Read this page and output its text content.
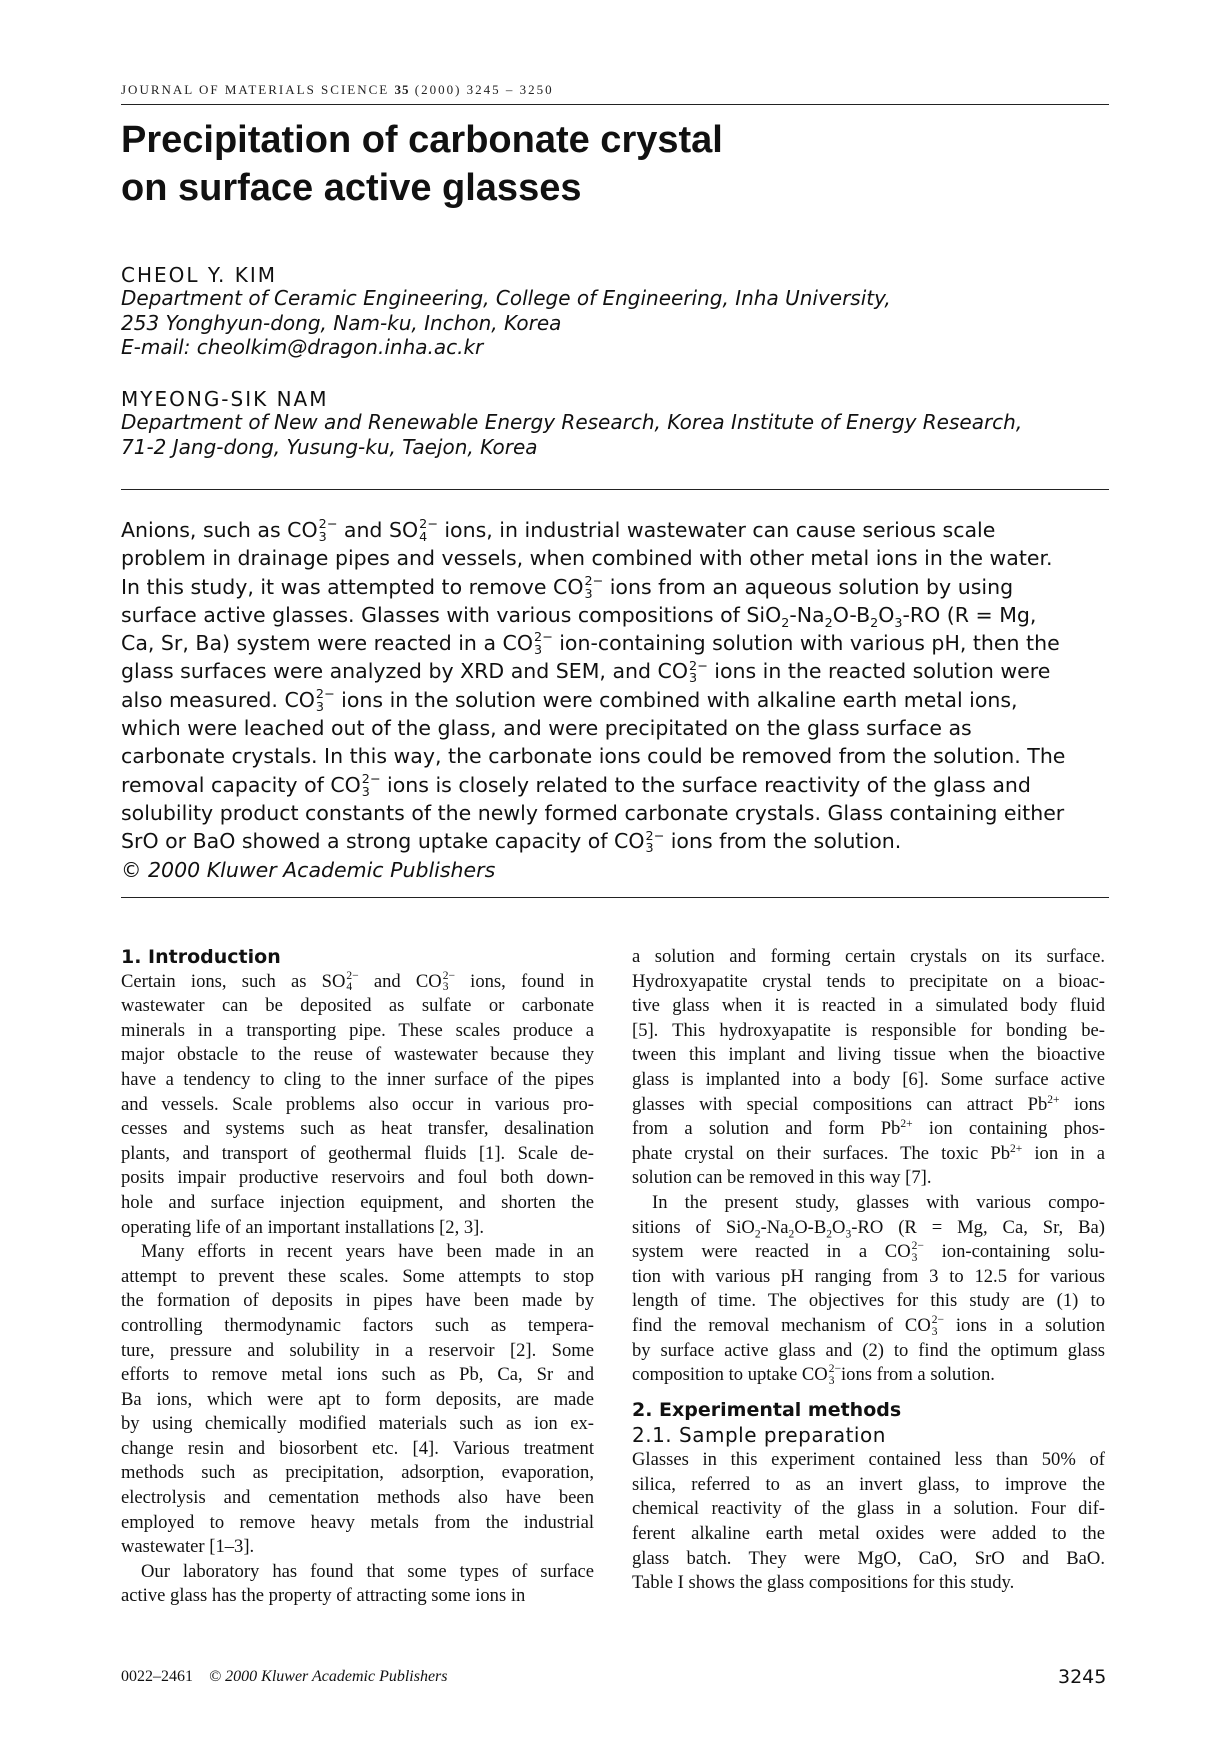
JOURNAL OF MATERIALS SCIENCE 35 (2000) 3245 – 3250
Precipitation of carbonate crystal
on surface active glasses
CHEOL Y. KIM
Department of Ceramic Engineering, College of Engineering, Inha University,
253 Yonghyun-dong, Nam-ku, Inchon, Korea
E-mail: cheolkim@dragon.inha.ac.kr
MYEONG-SIK NAM
Department of New and Renewable Energy Research, Korea Institute of Energy Research,
71-2 Jang-dong, Yusung-ku, Taejon, Korea
Anions, such as CO 2−
3 and SO 2−
4 ions, in industrial wastewater can cause serious scale
problem in drainage pipes and vessels, when combined with other metal ions in the water.
In this study, it was attempted to remove CO 2−
3 ions from an aqueous solution by using
surface active glasses. Glasses with various compositions of $SiO_2-Na_2O-B_2O_3-RO$ (R = Mg,
Ca, Sr, Ba) system were reacted in a CO 2−
3 ion-containing solution with various pH, then the
glass surfaces were analyzed by XRD and SEM, and CO 2−
3 ions in the reacted solution were
also measured. CO 2−
3 ions in the solution were combined with alkaline earth metal ions,
which were leached out of the glass, and were precipitated on the glass surface as
carbonate crystals. In this way, the carbonate ions could be removed from the solution. The
removal capacity of CO 2−
3 ions is closely related to the surface reactivity of the glass and
solubility product constants of the newly formed carbonate crystals. Glass containing either
SrO or BaO showed a strong uptake capacity of CO 2−
3 ions from the solution.
© 2000 Kluwer Academic Publishers
1. Introduction
Certain ions, such as SO 2−
4 and CO 2−
3 ions, found in
wastewater can be deposited as sulfate or carbonate
minerals in a transporting pipe. These scales produce a
major obstacle to the reuse of wastewater because they
have a tendency to cling to the inner surface of the pipes
and vessels. Scale problems also occur in various pro-
cesses and systems such as heat transfer, desalination
plants, and transport of geothermal fluids [1]. Scale de-
posits impair productive reservoirs and foul both down-
hole and surface injection equipment, and shorten the
operating life of an important installations [2, 3].
Many efforts in recent years have been made in an
attempt to prevent these scales. Some attempts to stop
the formation of deposits in pipes have been made by
controlling thermodynamic factors such as tempera-
ture, pressure and solubility in a reservoir [2]. Some
efforts to remove metal ions such as Pb, Ca, Sr and
Ba ions, which were apt to form deposits, are made
by using chemically modified materials such as ion ex-
change resin and biosorbent etc. [4]. Various treatment
methods such as precipitation, adsorption, evaporation,
electrolysis and cementation methods also have been
employed to remove heavy metals from the industrial
wastewater [1–3].
Our laboratory has found that some types of surface
active glass has the property of attracting some ions in
a solution and forming certain crystals on its surface.
Hydroxyapatite crystal tends to precipitate on a bioac-
tive glass when it is reacted in a simulated body fluid
[5]. This hydroxyapatite is responsible for bonding be-
tween this implant and living tissue when the bioactive
glass is implanted into a body [6]. Some surface active
glasses with special compositions can attract $Pb^{2+}$ ions
from a solution and form $Pb^{2+}$ ion containing phos-
phate crystal on their surfaces. The toxic $Pb^{2+}$ ion in a
solution can be removed in this way [7].
In the present study, glasses with various compo-
sitions of $SiO_2-Na_2O-B_2O_3-RO$ (R = Mg, Ca, Sr, Ba)
system were reacted in a CO 2−
3 ion-containing solu-
tion with various pH ranging from 3 to 12.5 for various
length of time. The objectives for this study are (1) to
find the removal mechanism of CO 2−
3 ions in a solution
by surface active glass and (2) to find the optimum glass
composition to uptake CO 2−
3 ions from a solution.
2. Experimental methods
2.1. Sample preparation
Glasses in this experiment contained less than 50% of
silica, referred to as an invert glass, to improve the
chemical reactivity of the glass in a solution. Four dif-
ferent alkaline earth metal oxides were added to the
glass batch. They were MgO, CaO, SrO and BaO.
Table I shows the glass compositions for this study.
0022–2461 © 2000 Kluwer Academic Publishers	3245
